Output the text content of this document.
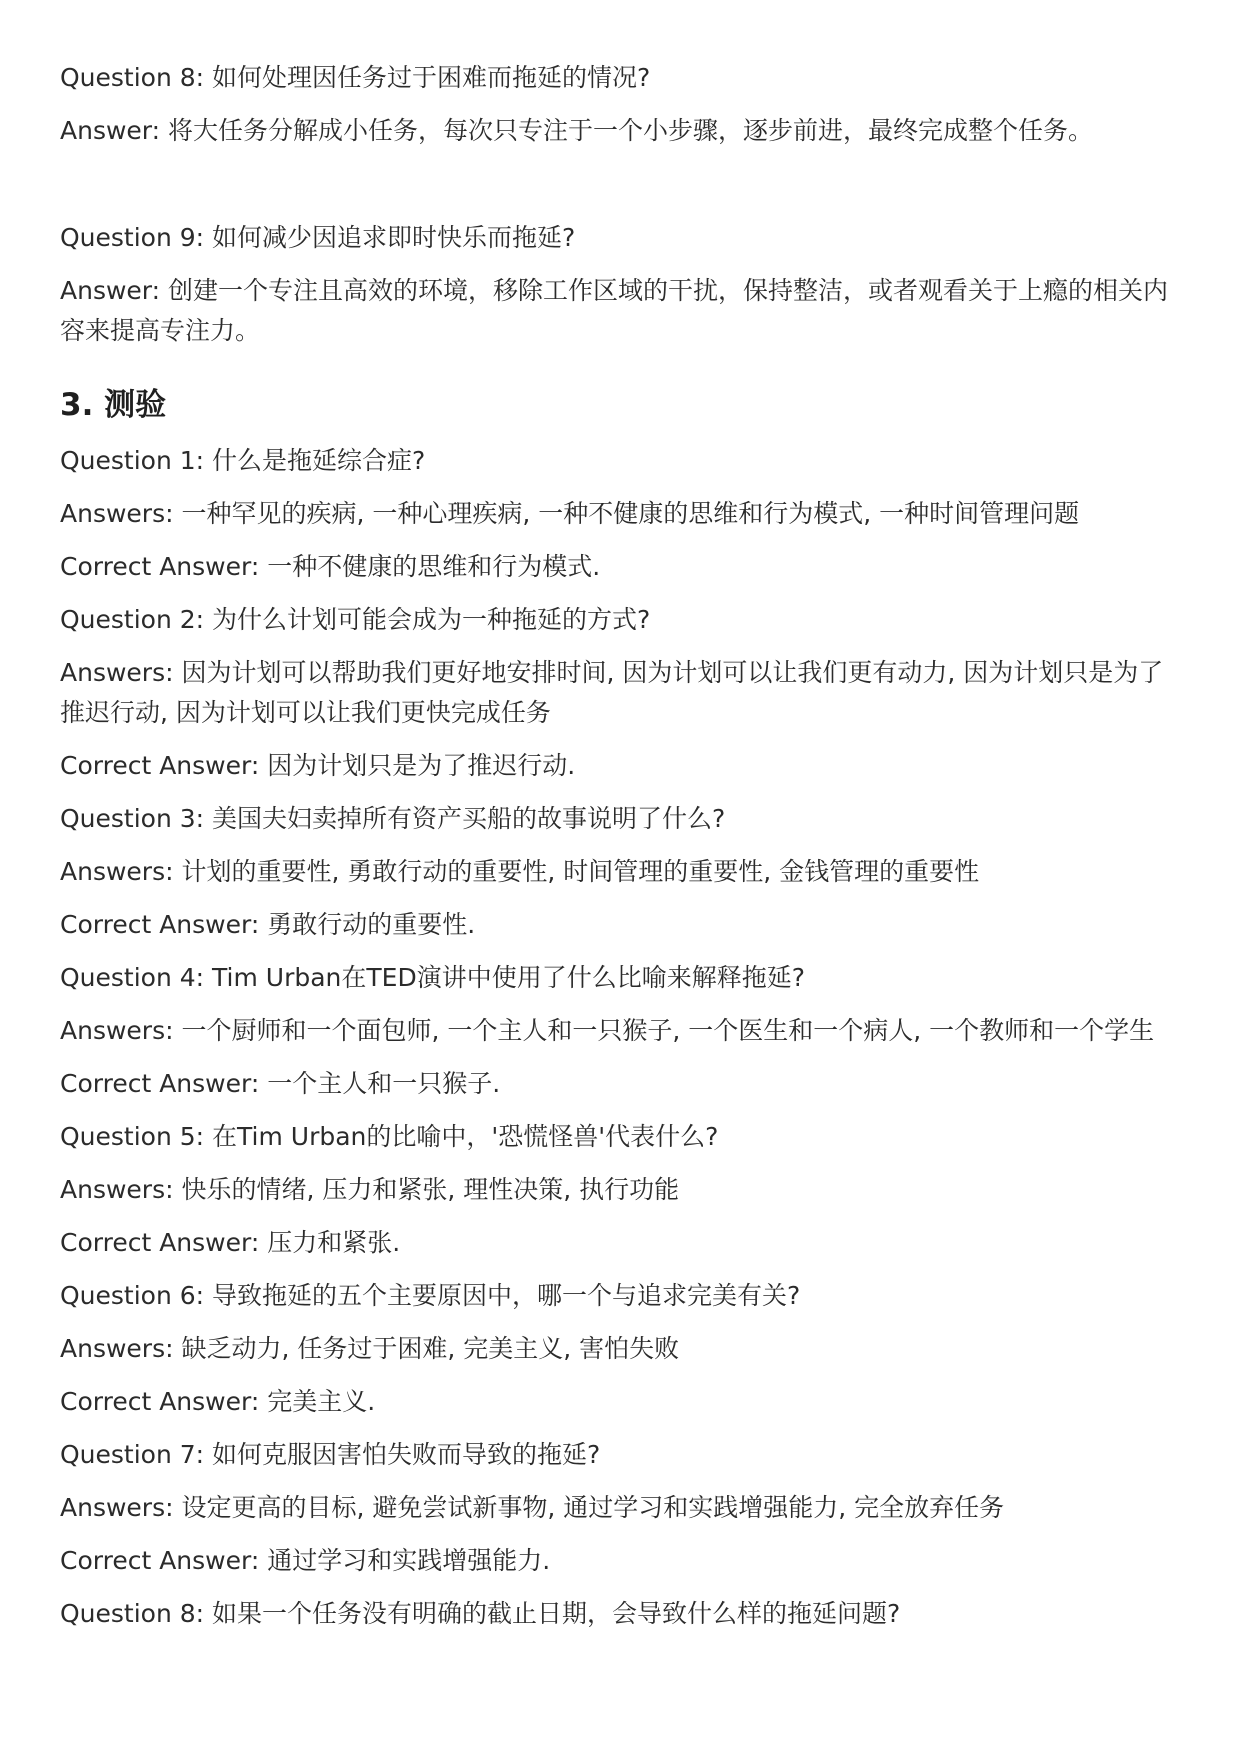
Question 8: 如何处理因任务过于困难而拖延的情况?

Answer: 将大任务分解成小任务，每次只专注于一个小步骤，逐步前进，最终完成整个任务。

Question 9: 如何减少因追求即时快乐而拖延?

Answer: 创建一个专注且高效的环境，移除工作区域的干扰，保持整洁，或者观看关于上瘾的相关内容来提高专注力。

3. 测验

Question 1: 什么是拖延综合症?

Answers: 一种罕见的疾病, 一种心理疾病, 一种不健康的思维和行为模式, 一种时间管理问题

Correct Answer: 一种不健康的思维和行为模式.

Question 2: 为什么计划可能会成为一种拖延的方式?

Answers: 因为计划可以帮助我们更好地安排时间, 因为计划可以让我们更有动力, 因为计划只是为了推迟行动, 因为计划可以让我们更快完成任务

Correct Answer: 因为计划只是为了推迟行动.

Question 3: 美国夫妇卖掉所有资产买船的故事说明了什么?

Answers: 计划的重要性, 勇敢行动的重要性, 时间管理的重要性, 金钱管理的重要性

Correct Answer: 勇敢行动的重要性.

Question 4: Tim Urban在TED演讲中使用了什么比喻来解释拖延?

Answers: 一个厨师和一个面包师, 一个主人和一只猴子, 一个医生和一个病人, 一个教师和一个学生

Correct Answer: 一个主人和一只猴子.

Question 5: 在Tim Urban的比喻中，'恐慌怪兽'代表什么?

Answers: 快乐的情绪, 压力和紧张, 理性决策, 执行功能

Correct Answer: 压力和紧张.

Question 6: 导致拖延的五个主要原因中，哪一个与追求完美有关?

Answers: 缺乏动力, 任务过于困难, 完美主义, 害怕失败

Correct Answer: 完美主义.

Question 7: 如何克服因害怕失败而导致的拖延?

Answers: 设定更高的目标, 避免尝试新事物, 通过学习和实践增强能力, 完全放弃任务

Correct Answer: 通过学习和实践增强能力.

Question 8: 如果一个任务没有明确的截止日期，会导致什么样的拖延问题?
